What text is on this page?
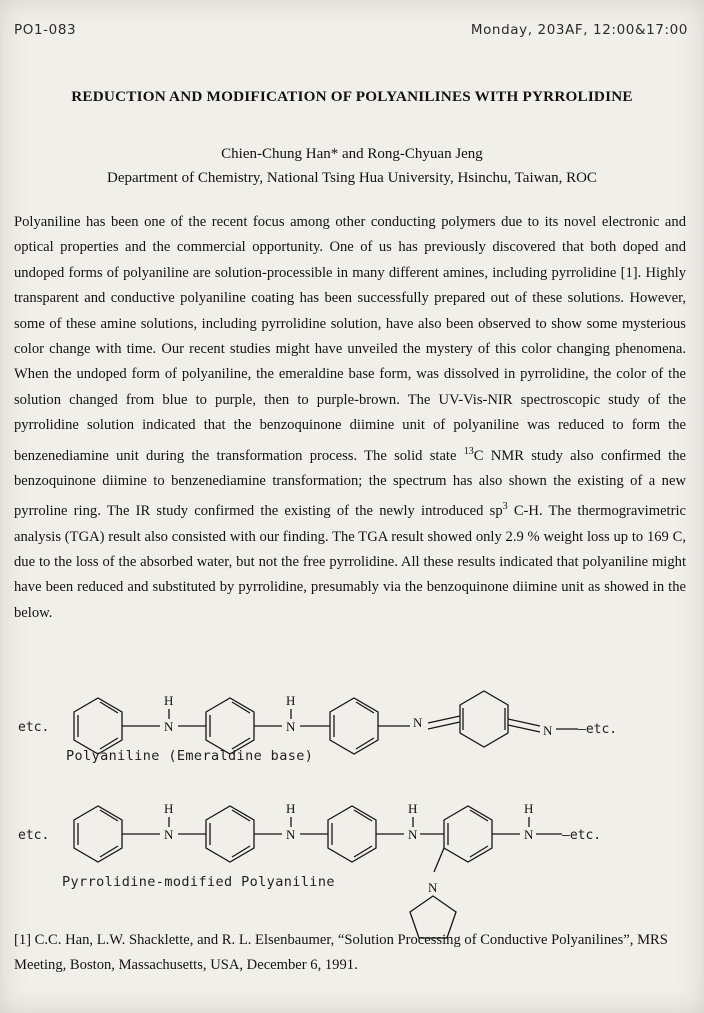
PO1-083	Monday, 203AF, 12:00&17:00
REDUCTION AND MODIFICATION OF POLYANILINES WITH PYRROLIDINE
Chien-Chung Han* and Rong-Chyuan Jeng
Department of Chemistry, National Tsing Hua University, Hsinchu, Taiwan, ROC
Polyaniline has been one of the recent focus among other conducting polymers due to its novel electronic and optical properties and the commercial opportunity. One of us has previously discovered that both doped and undoped forms of polyaniline are solution-processible in many different amines, including pyrrolidine [1]. Highly transparent and conductive polyaniline coating has been successfully prepared out of these solutions. However, some of these amine solutions, including pyrrolidine solution, have also been observed to show some mysterious color change with time. Our recent studies might have unveiled the mystery of this color changing phenomena. When the undoped form of polyaniline, the emeraldine base form, was dissolved in pyrrolidine, the color of the solution changed from blue to purple, then to purple-brown. The UV-Vis-NIR spectroscopic study of the pyrrolidine solution indicated that the benzoquinone diimine unit of polyaniline was reduced to form the benzenediamine unit during the transformation process. The solid state $^{13}$C NMR study also confirmed the benzoquinone diimine to benzenediamine transformation; the spectrum has also shown the existing of a new pyrroline ring. The IR study confirmed the existing of the newly introduced $sp^3$ C-H. The thermogravimetric analysis (TGA) result also consisted with our finding. The TGA result showed only 2.9 % weight loss up to 169 C, due to the loss of the absorbed water, but not the free pyrrolidine. All these results indicated that polyaniline might have been reduced and substituted by pyrrolidine, presumably via the benzoquinone diimine unit as showed in the below.
etc.	—etc.
N
H
N
H
N
N
Polyaniline (Emeraldine base)
etc.	—etc.
N
H
N
H
N
H
N
H
N
Pyrrolidine-modified Polyaniline
[1] C.C. Han, L.W. Shacklette, and R. L. Elsenbaumer, “Solution Processing of Conductive Polyanilines”, MRS Meeting, Boston, Massachusetts, USA, December 6, 1991.
